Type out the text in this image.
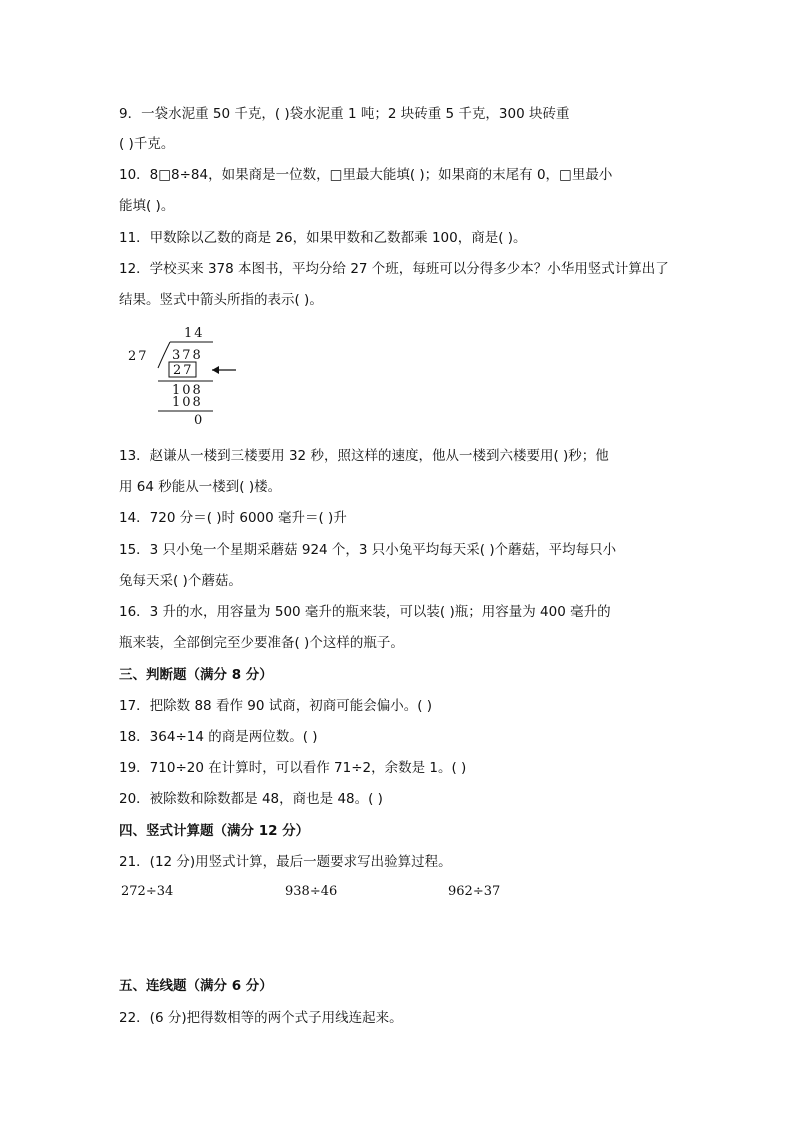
9．一袋水泥重 50 千克，( )袋水泥重 1 吨；2 块砖重 5 千克，300 块砖重
( )千克。
10．8□8÷84，如果商是一位数，□里最大能填( )；如果商的末尾有 0，□里最小
能填( )。
11．甲数除以乙数的商是 26，如果甲数和乙数都乘 100，商是( )。
12．学校买来 378 本图书，平均分给 27 个班，每班可以分得多少本？小华用竖式计算出了
结果。竖式中箭头所指的表示( )。
14
27 378
27
108
108
0
13．赵谦从一楼到三楼要用 32 秒，照这样的速度，他从一楼到六楼要用( )秒；他
用 64 秒能从一楼到( )楼。
14．720 分＝( )时 6000 毫升＝( )升
15．3 只小兔一个星期采蘑菇 924 个，3 只小兔平均每天采( )个蘑菇，平均每只小
兔每天采( )个蘑菇。
16．3 升的水，用容量为 500 毫升的瓶来装，可以装( )瓶；用容量为 400 毫升的
瓶来装，全部倒完至少要准备( )个这样的瓶子。
三、判断题（满分 8 分）
17．把除数 88 看作 90 试商，初商可能会偏小。( )
18．364÷14 的商是两位数。( )
19．710÷20 在计算时，可以看作 71÷2，余数是 1。( )
20．被除数和除数都是 48，商也是 48。( )
四、竖式计算题（满分 12 分）
21．(12 分)用竖式计算，最后一题要求写出验算过程。
272÷34	938÷46	962÷37
五、连线题（满分 6 分）
22．(6 分)把得数相等的两个式子用线连起来。
